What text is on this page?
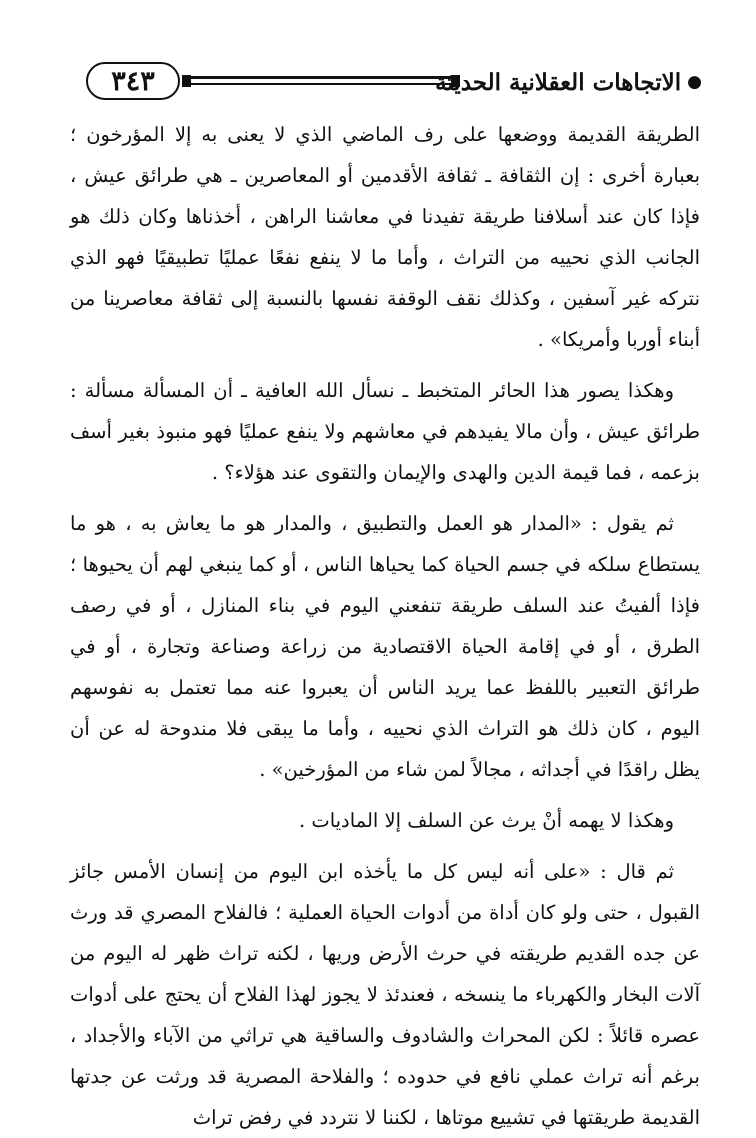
٣٤٣	●
الاتجاهات العقلانية الحديثة

الطريقة القديمة ووضعها على رف الماضي الذي لا يعنى به إلا المؤرخون ؛ بعبارة أخرى : إن الثقافة ـ ثقافة الأقدمين أو المعاصرين ـ هي طرائق عيش ، فإذا كان عند أسلافنا طريقة تفيدنا في معاشنا الراهن ، أخذناها وكان ذلك هو الجانب الذي نحييه من التراث ، وأما ما لا ينفع نفعًا عمليًا تطبيقيًا فهو الذي نتركه غير آسفين ، وكذلك نقف الوقفة نفسها بالنسبة إلى ثقافة معاصرينا من أبناء أوربا وأمريكا» .

وهكذا يصور هذا الحائر المتخبط ـ نسأل الله العافية ـ أن المسألة مسألة : طرائق عيش ، وأن مالا يفيدهم في معاشهم ولا ينفع عمليًا فهو منبوذ بغير أسف بزعمه ، فما قيمة الدين والهدى والإيمان والتقوى عند هؤلاء؟ .

ثم يقول : «المدار هو العمل والتطبيق ، والمدار هو ما يعاش به ، هو ما يستطاع سلكه في جسم الحياة كما يحياها الناس ، أو كما ينبغي لهم أن يحيوها ؛ فإذا ألفيتُ عند السلف طريقة تنفعني اليوم في بناء المنازل ، أو في رصف الطرق ، أو في إقامة الحياة الاقتصادية من زراعة وصناعة وتجارة ، أو في طرائق التعبير باللفظ عما يريد الناس أن يعبروا عنه مما تعتمل به نفوسهم اليوم ، كان ذلك هو التراث الذي نحييه ، وأما ما يبقى فلا مندوحة له عن أن يظل راقدًا في أجداثه ، مجالاً لمن شاء من المؤرخين» .

وهكذا لا يهمه أنْ يرث عن السلف إلا الماديات .

ثم قال : «على أنه ليس كل ما يأخذه ابن اليوم من إنسان الأمس جائز القبول ، حتى ولو كان أداة من أدوات الحياة العملية ؛ فالفلاح المصري قد ورث عن جده القديم طريقته في حرث الأرض وريها ، لكنه تراث ظهر له اليوم من آلات البخار والكهرباء ما ينسخه ، فعندئذ لا يجوز لهذا الفلاح أن يحتج على أدوات عصره قائلاً : لكن المحراث والشادوف والساقية هي تراثي من الآباء والأجداد ، برغم أنه تراث عملي نافع في حدوده ؛ والفلاحة المصرية قد ورثت عن جدتها القديمة طريقتها في تشييع موتاها ، لكننا لا نتردد في رفض تراث
